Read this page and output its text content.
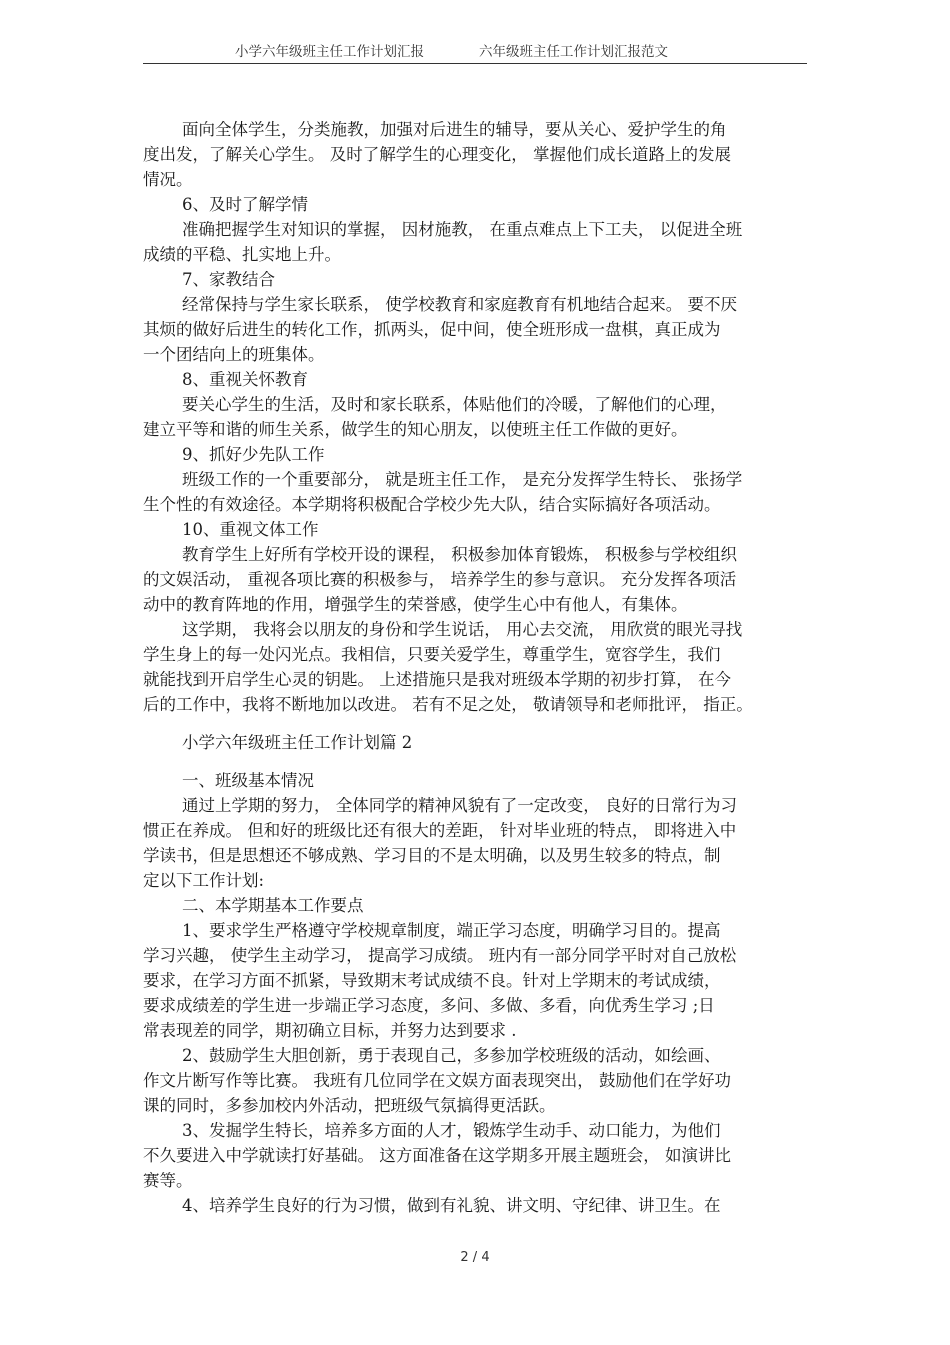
小学六年级班主任工作计划汇报	六年级班主任工作计划汇报范文
面向全体学生，分类施教，加强对后进生的辅导，要从关心、爱护学生的角
度出发，了解关心学生。 及时了解学生的心理变化， 掌握他们成长道路上的发展
情况。
6、及时了解学情
准确把握学生对知识的掌握， 因材施教， 在重点难点上下工夫， 以促进全班
成绩的平稳、扎实地上升。
7、家教结合
经常保持与学生家长联系， 使学校教育和家庭教育有机地结合起来。 要不厌
其烦的做好后进生的转化工作，抓两头，促中间，使全班形成一盘棋，真正成为
一个团结向上的班集体。
8、重视关怀教育
要关心学生的生活，及时和家长联系，体贴他们的冷暖，了解他们的心理，
建立平等和谐的师生关系，做学生的知心朋友，以使班主任工作做的更好。
9、抓好少先队工作
班级工作的一个重要部分， 就是班主任工作， 是充分发挥学生特长、 张扬学
生个性的有效途径。本学期将积极配合学校少先大队，结合实际搞好各项活动。
10、重视文体工作
教育学生上好所有学校开设的课程， 积极参加体育锻炼， 积极参与学校组织
的文娱活动， 重视各项比赛的积极参与， 培养学生的参与意识。 充分发挥各项活
动中的教育阵地的作用，增强学生的荣誉感，使学生心中有他人，有集体。
这学期， 我将会以朋友的身份和学生说话， 用心去交流， 用欣赏的眼光寻找
学生身上的每一处闪光点。我相信，只要关爱学生，尊重学生，宽容学生，我们
就能找到开启学生心灵的钥匙。 上述措施只是我对班级本学期的初步打算， 在今
后的工作中，我将不断地加以改进。 若有不足之处， 敬请领导和老师批评， 指正。
小学六年级班主任工作计划篇 2
一、班级基本情况
通过上学期的努力， 全体同学的精神风貌有了一定改变， 良好的日常行为习
惯正在养成。 但和好的班级比还有很大的差距， 针对毕业班的特点， 即将进入中
学读书，但是思想还不够成熟、学习目的不是太明确，以及男生较多的特点，制
定以下工作计划:
二、本学期基本工作要点
1、要求学生严格遵守学校规章制度，端正学习态度，明确学习目的。提高
学习兴趣， 使学生主动学习， 提高学习成绩。 班内有一部分同学平时对自己放松
要求，在学习方面不抓紧，导致期末考试成绩不良。针对上学期末的考试成绩，
要求成绩差的学生进一步端正学习态度，多问、多做、多看，向优秀生学习 ;日
常表现差的同学，期初确立目标，并努力达到要求 .
2、鼓励学生大胆创新，勇于表现自己，多参加学校班级的活动，如绘画、
作文片断写作等比赛。 我班有几位同学在文娱方面表现突出， 鼓励他们在学好功
课的同时，多参加校内外活动，把班级气氛搞得更活跃。
3、发掘学生特长，培养多方面的人才，锻炼学生动手、动口能力，为他们
不久要进入中学就读打好基础。 这方面准备在这学期多开展主题班会， 如演讲比
赛等。
4、培养学生良好的行为习惯，做到有礼貌、讲文明、守纪律、讲卫生。在
2 / 4
